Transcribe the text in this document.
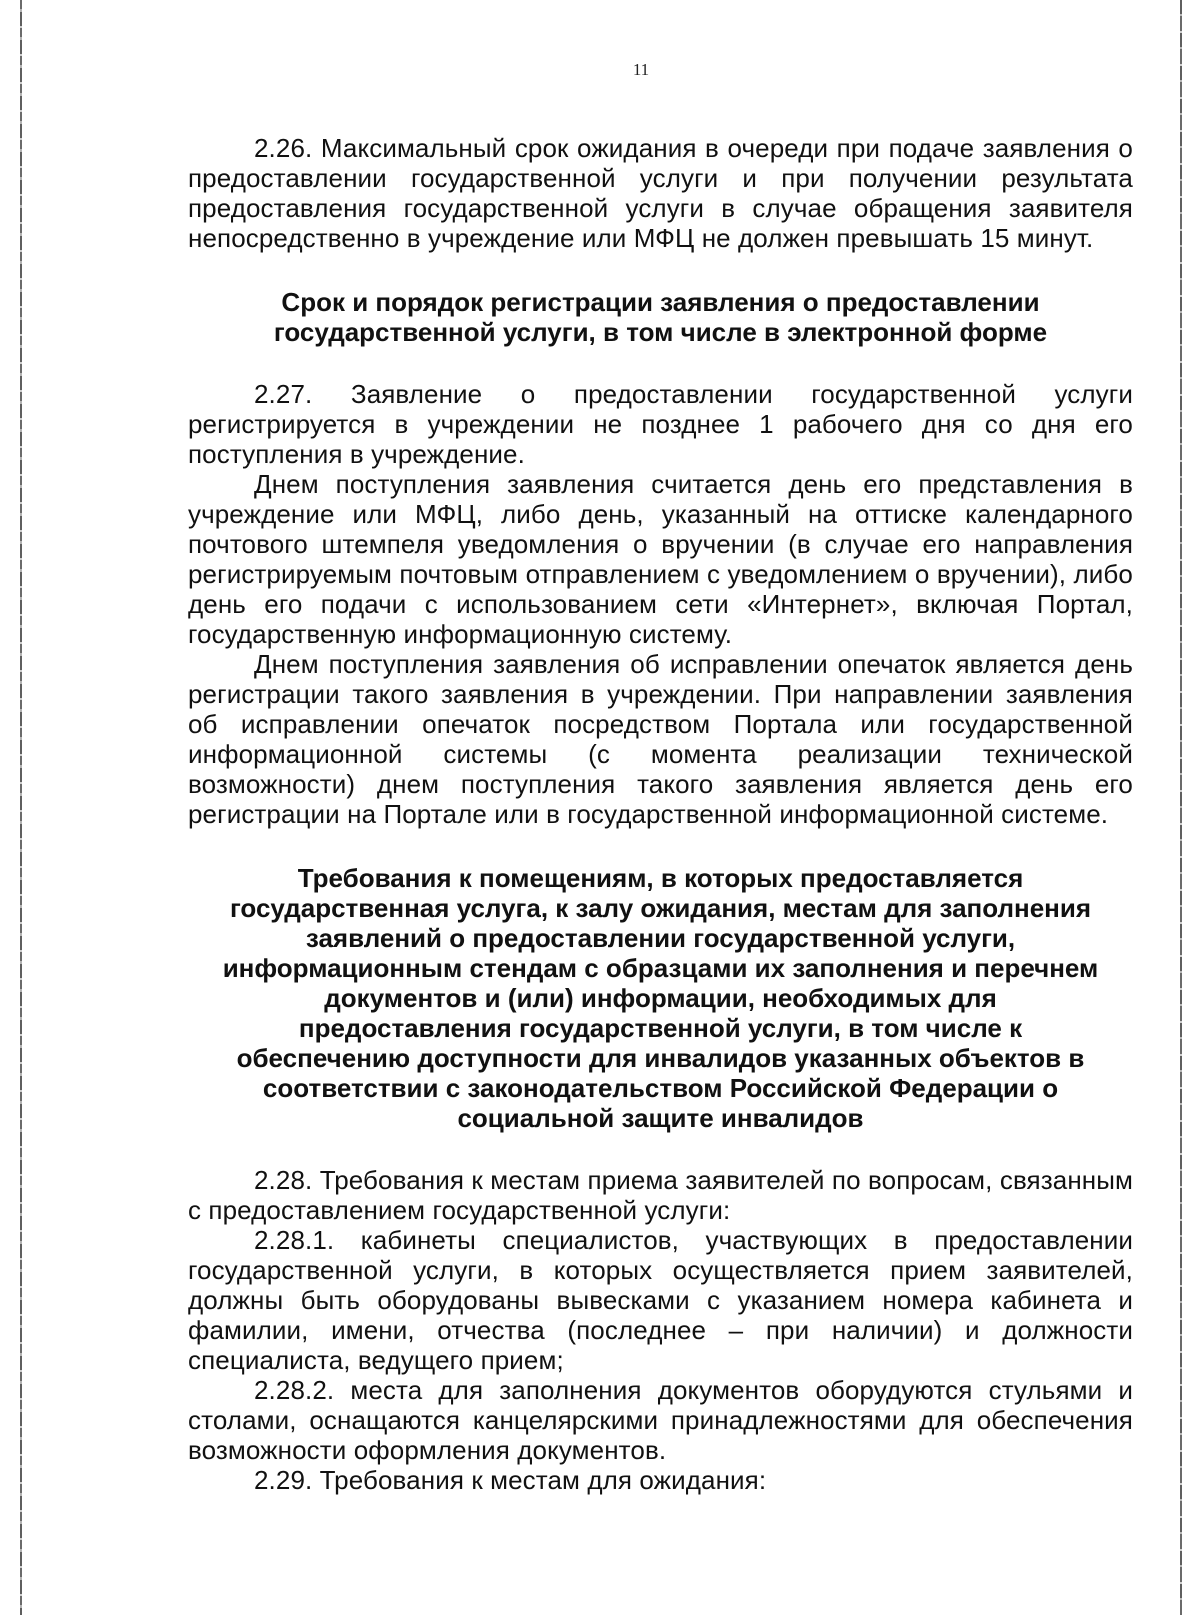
11

2.26. Максимальный срок ожидания в очереди при подаче заявления о предоставлении государственной услуги и при получении результата предоставления государственной услуги в случае обращения заявителя непосредственно в учреждение или МФЦ не должен превышать 15 минут.

Срок и порядок регистрации заявления о предоставлении государственной услуги, в том числе в электронной форме

2.27. Заявление о предоставлении государственной услуги регистрируется в учреждении не позднее 1 рабочего дня со дня его поступления в учреждение.

Днем поступления заявления считается день его представления в учреждение или МФЦ, либо день, указанный на оттиске календарного почтового штемпеля уведомления о вручении (в случае его направления регистрируемым почтовым отправлением с уведомлением о вручении), либо день его подачи с использованием сети «Интернет», включая Портал, государственную информационную систему.

Днем поступления заявления об исправлении опечаток является день регистрации такого заявления в учреждении. При направлении заявления об исправлении опечаток посредством Портала или государственной информационной системы (с момента реализации технической возможности) днем поступления такого заявления является день его регистрации на Портале или в государственной информационной системе.

Требования к помещениям, в которых предоставляется государственная услуга, к залу ожидания, местам для заполнения заявлений о предоставлении государственной услуги, информационным стендам с образцами их заполнения и перечнем документов и (или) информации, необходимых для предоставления государственной услуги, в том числе к обеспечению доступности для инвалидов указанных объектов в соответствии с законодательством Российской Федерации о социальной защите инвалидов

2.28. Требования к местам приема заявителей по вопросам, связанным с предоставлением государственной услуги:

2.28.1. кабинеты специалистов, участвующих в предоставлении государственной услуги, в которых осуществляется прием заявителей, должны быть оборудованы вывесками с указанием номера кабинета и фамилии, имени, отчества (последнее – при наличии) и должности специалиста, ведущего прием;

2.28.2. места для заполнения документов оборудуются стульями и столами, оснащаются канцелярскими принадлежностями для обеспечения возможности оформления документов.

2.29. Требования к местам для ожидания:
